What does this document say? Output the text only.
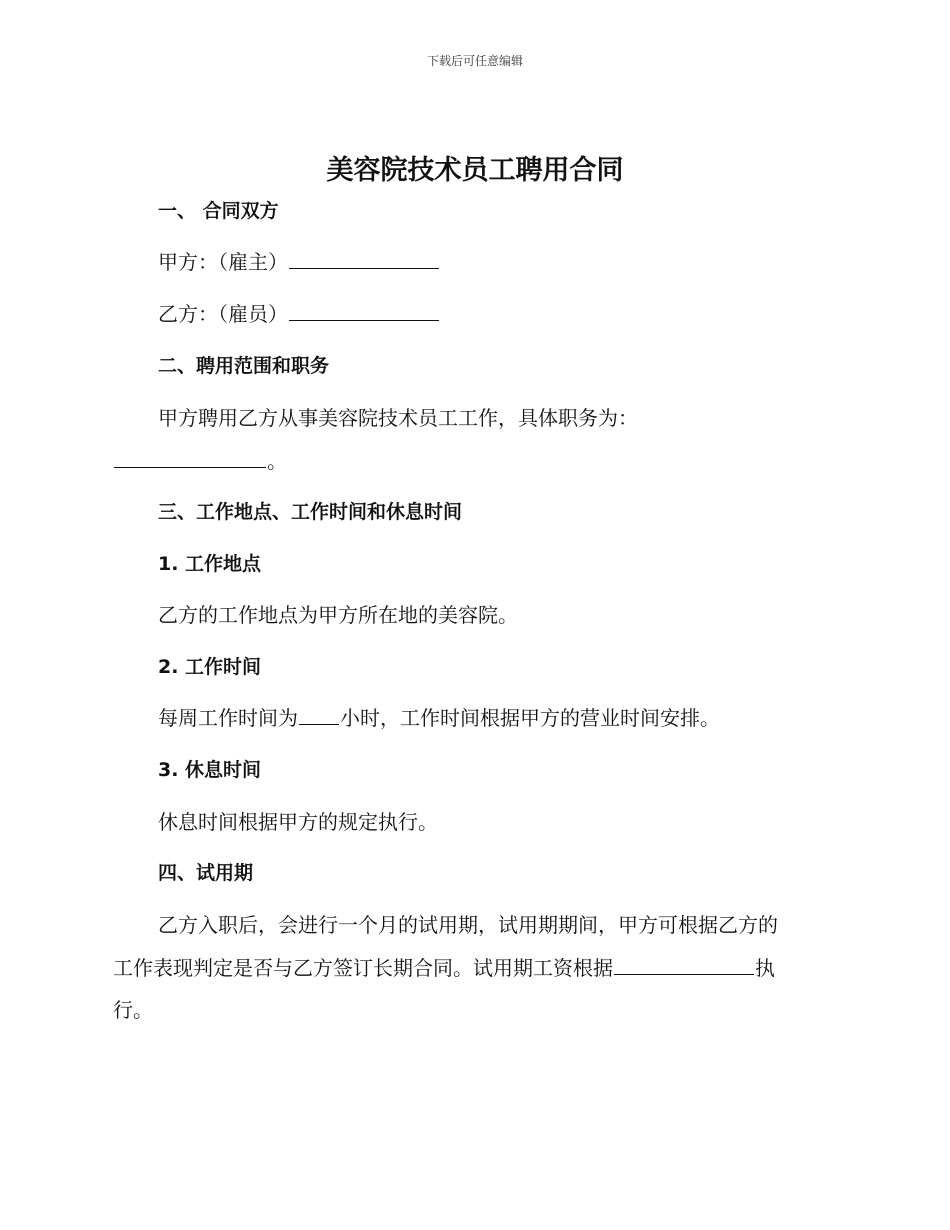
下载后可任意编辑
美容院技术员工聘用合同
一、 合同双方
甲方：（雇主）
乙方：（雇员）
二、聘用范围和职务
甲方聘用乙方从事美容院技术员工工作，具体职务为：
。
三、工作地点、工作时间和休息时间
1. 工作地点
乙方的工作地点为甲方所在地的美容院。
2. 工作时间
每周工作时间为 小时，工作时间根据甲方的营业时间安排。
3. 休息时间
休息时间根据甲方的规定执行。
四、试用期
乙方入职后，会进行一个月的试用期，试用期期间，甲方可根据乙方的
工作表现判定是否与乙方签订长期合同。试用期工资根据	执
行。
